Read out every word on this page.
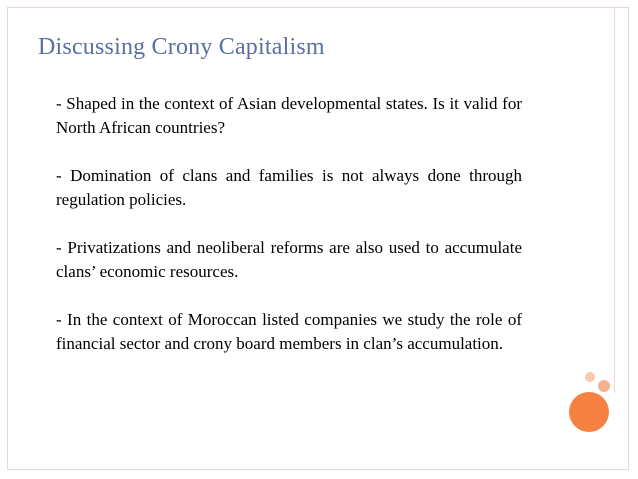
Discussing Crony Capitalism

- Shaped in the context of Asian developmental states. Is it valid for North African countries?

- Domination of clans and families is not always done through regulation policies.

- Privatizations and neoliberal reforms are also used to accumulate clans’ economic resources.

- In the context of Moroccan listed companies we study the role of financial sector and crony board members in clan’s accumulation.
